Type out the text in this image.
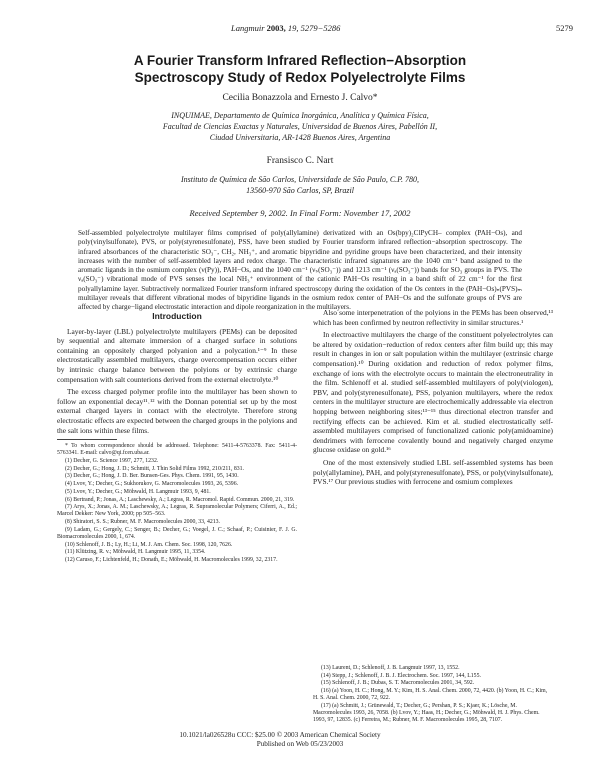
Langmuir 2003, 19, 5279−5286	5279
A Fourier Transform Infrared Reflection−Absorption
Spectroscopy Study of Redox Polyelectrolyte Films
Cecilia Bonazzola and Ernesto J. Calvo*
INQUIMAE, Departamento de Química Inorgánica, Analítica y Química Física,
Facultad de Ciencias Exactas y Naturales, Universidad de Buenos Aires, Pabellón II,
Ciudad Universitaria, AR-1428 Buenos Aires, Argentina
Fransisco C. Nart
Instituto de Química de São Carlos, Universidade de São Paulo, C.P. 780,
13560-970 São Carlos, SP, Brazil
Received September 9, 2002. In Final Form: November 17, 2002
Self-assembled polyelectrolyte multilayer films comprised of poly(allylamine) derivatized with an Os(bpy)₂ClPyCH– complex (PAH−Os), and poly(vinylsulfonate), PVS, or poly(styrenesulfonate), PSS, have been studied by Fourier transform infrared reflection−absorption spectroscopy. The infrared absorbances of the characteristic SO₃⁻, CH₂, NH₃⁺, and aromatic bipyridine and pyridine groups have been characterized, and their intensity increases with the number of self-assembled layers and redox charge. The characteristic infrared signatures are the 1040 cm⁻¹ band assigned to the aromatic ligands in the osmium complex (ν(Py)), PAH−Os, and the 1040 cm⁻¹ (νₛ(SO₃⁻)) and 1213 cm⁻¹ (νₐ(SO₃⁻)) bands for SO₃ groups in PVS. The νₐ(SO₃⁻) vibrational mode of PVS senses the local NH₃⁺ environment of the cationic PAH−Os resulting in a band shift of 22 cm⁻¹ for the first polyallylamine layer. Subtractively normalized Fourier transform infrared spectroscopy during the oxidation of the Os centers in the (PAH−Os)ₙ(PVS)ₘ multilayer reveals that different vibrational modes of bipyridine ligands in the osmium redox center of PAH−Os and the sulfonate groups of PVS are affected by charge−ligand electrostatic interaction and dipole reorganization in the multilayers.
Introduction

Layer-by-layer (LBL) polyelectrolyte multilayers (PEMs) can be deposited by sequential and alternate immersion of a charged surface in solutions containing an oppositely charged polyanion and a polycation.¹⁻⁹ In these electrostatically assembled multilayers, charge overcompensation occurs either by intrinsic charge balance between the polyions or by extrinsic charge compensation with salt counterions derived from the external electrolyte.¹⁰

The excess charged polymer profile into the multilayer has been shown to follow an exponential decay¹¹˒¹² with the Donnan potential set up by the most external charged layers in contact with the electrolyte. Therefore strong electrostatic effects are expected between the charged groups in the polyions and the salt ions within these films.

* To whom correspondence should be addressed. Telephone: 5411-4-5763378. Fax: 5411-4-5763341. E-mail: calvo@qi.fcen.uba.ar.

(1) Decher, G. Science 1997, 277, 1232.

(2) Decher, G.; Hong, J. D.; Schmitt, J. Thin Solid Films 1992, 210/211, 831.

(3) Decher, G.; Hong, J. D. Ber. Bunsen-Ges. Phys. Chem. 1991, 95, 1430.

(4) Lvov, Y.; Decher, G.; Sukhorukov, G. Macromolecules 1993, 26, 5396.

(5) Lvov, Y.; Decher, G.; Möhwald, H. Langmuir 1993, 9, 481.

(6) Bertrand, P.; Jonas, A.; Laschewsky, A.; Legras, R. Macromol. Rapid. Commun. 2000, 21, 319.

(7) Arys, X.; Jonas, A. M.; Laschewsky, A.; Legras, R. Supramolecular Polymers; Ciferri, A., Ed.; Marcel Dekker: New York, 2000; pp 505−563.

(8) Shiratori, S. S.; Rubner, M. F. Macromolecules 2000, 33, 4213.

(9) Ladam, G.; Gergely, C.; Senger, B.; Decher, G.; Voegel, J. C.; Schaaf, P.; Cuisinier, F. J. G. Biomacromolecules 2000, 1, 674.

(10) Schlenoff, J. B.; Ly, H.; Li, M. J. Am. Chem. Soc. 1998, 120, 7626.

(11) Klützing, R. v.; Möhwald, H. Langmuir 1995, 11, 3354.

(12) Caruso, F.; Lichtenfeld, H.; Donath, E.; Möhwald, H. Macromolecules 1999, 32, 2317.

Also some interpenetration of the polyions in the PEMs has been observed,¹³ which has been confirmed by neutron reflectivity in similar structures.¹

In electroactive multilayers the charge of the constituent polyelectrolytes can be altered by oxidation−reduction of redox centers after film build up; this may result in changes in ion or salt population within the multilayer (extrinsic charge compensation).¹⁰ During oxidation and reduction of redox polymer films, exchange of ions with the electrolyte occurs to maintain the electroneutrality in the film. Schlenoff et al. studied self-assembled multilayers of poly(viologen), PBV, and poly(styrenesulfonate), PSS, polyanion multilayers, where the redox centers in the multilayer structure are electrochemically addressable via electron hopping between neighboring sites;¹³⁻¹⁵ thus directional electron transfer and rectifying effects can be achieved. Kim et al. studied electrostatically self-assembled multilayers comprised of functionalized cationic poly(amidoamine) dendrimers with ferrocene covalently bound and negatively charged enzyme glucose oxidase on gold.¹⁶

One of the most extensively studied LBL self-assembled systems has been poly(allylamine), PAH, and poly(styrenesulfonate), PSS, or poly(vinylsulfonate), PVS.¹⁷ Our previous studies with ferrocene and osmium complexes

(13) Laurent, D.; Schlenoff, J. B. Langmuir 1997, 13, 1552.

(14) Stepp, J.; Schlenoff, J. B. J. Electrochem. Soc. 1997, 144, L155.

(15) Schlenoff, J. B.; Dubas, S. T. Macromolecules 2001, 34, 592.

(16) (a) Yoon, H. C.; Hong, M. Y.; Kim, H. S. Anal. Chem. 2000, 72, 4420. (b) Yoon, H. C.; Kim, H. S. Anal. Chem. 2000, 72, 922.

(17) (a) Schmitt, J.; Grünewald, T.; Decher, G.; Pershan, P. S.; Kjaer, K.; Lösche, M. Macromolecules 1993, 26, 7058. (b) Lvov, Y.; Haas, H.; Decher, G.; Möhwald, H. J. Phys. Chem. 1993, 97, 12835. (c) Ferreira, M.; Rubner, M. F. Macromolecules 1995, 28, 7107.

10.1021/la026528u CCC: $25.00 © 2003 American Chemical Society
Published on Web 05/23/2003
